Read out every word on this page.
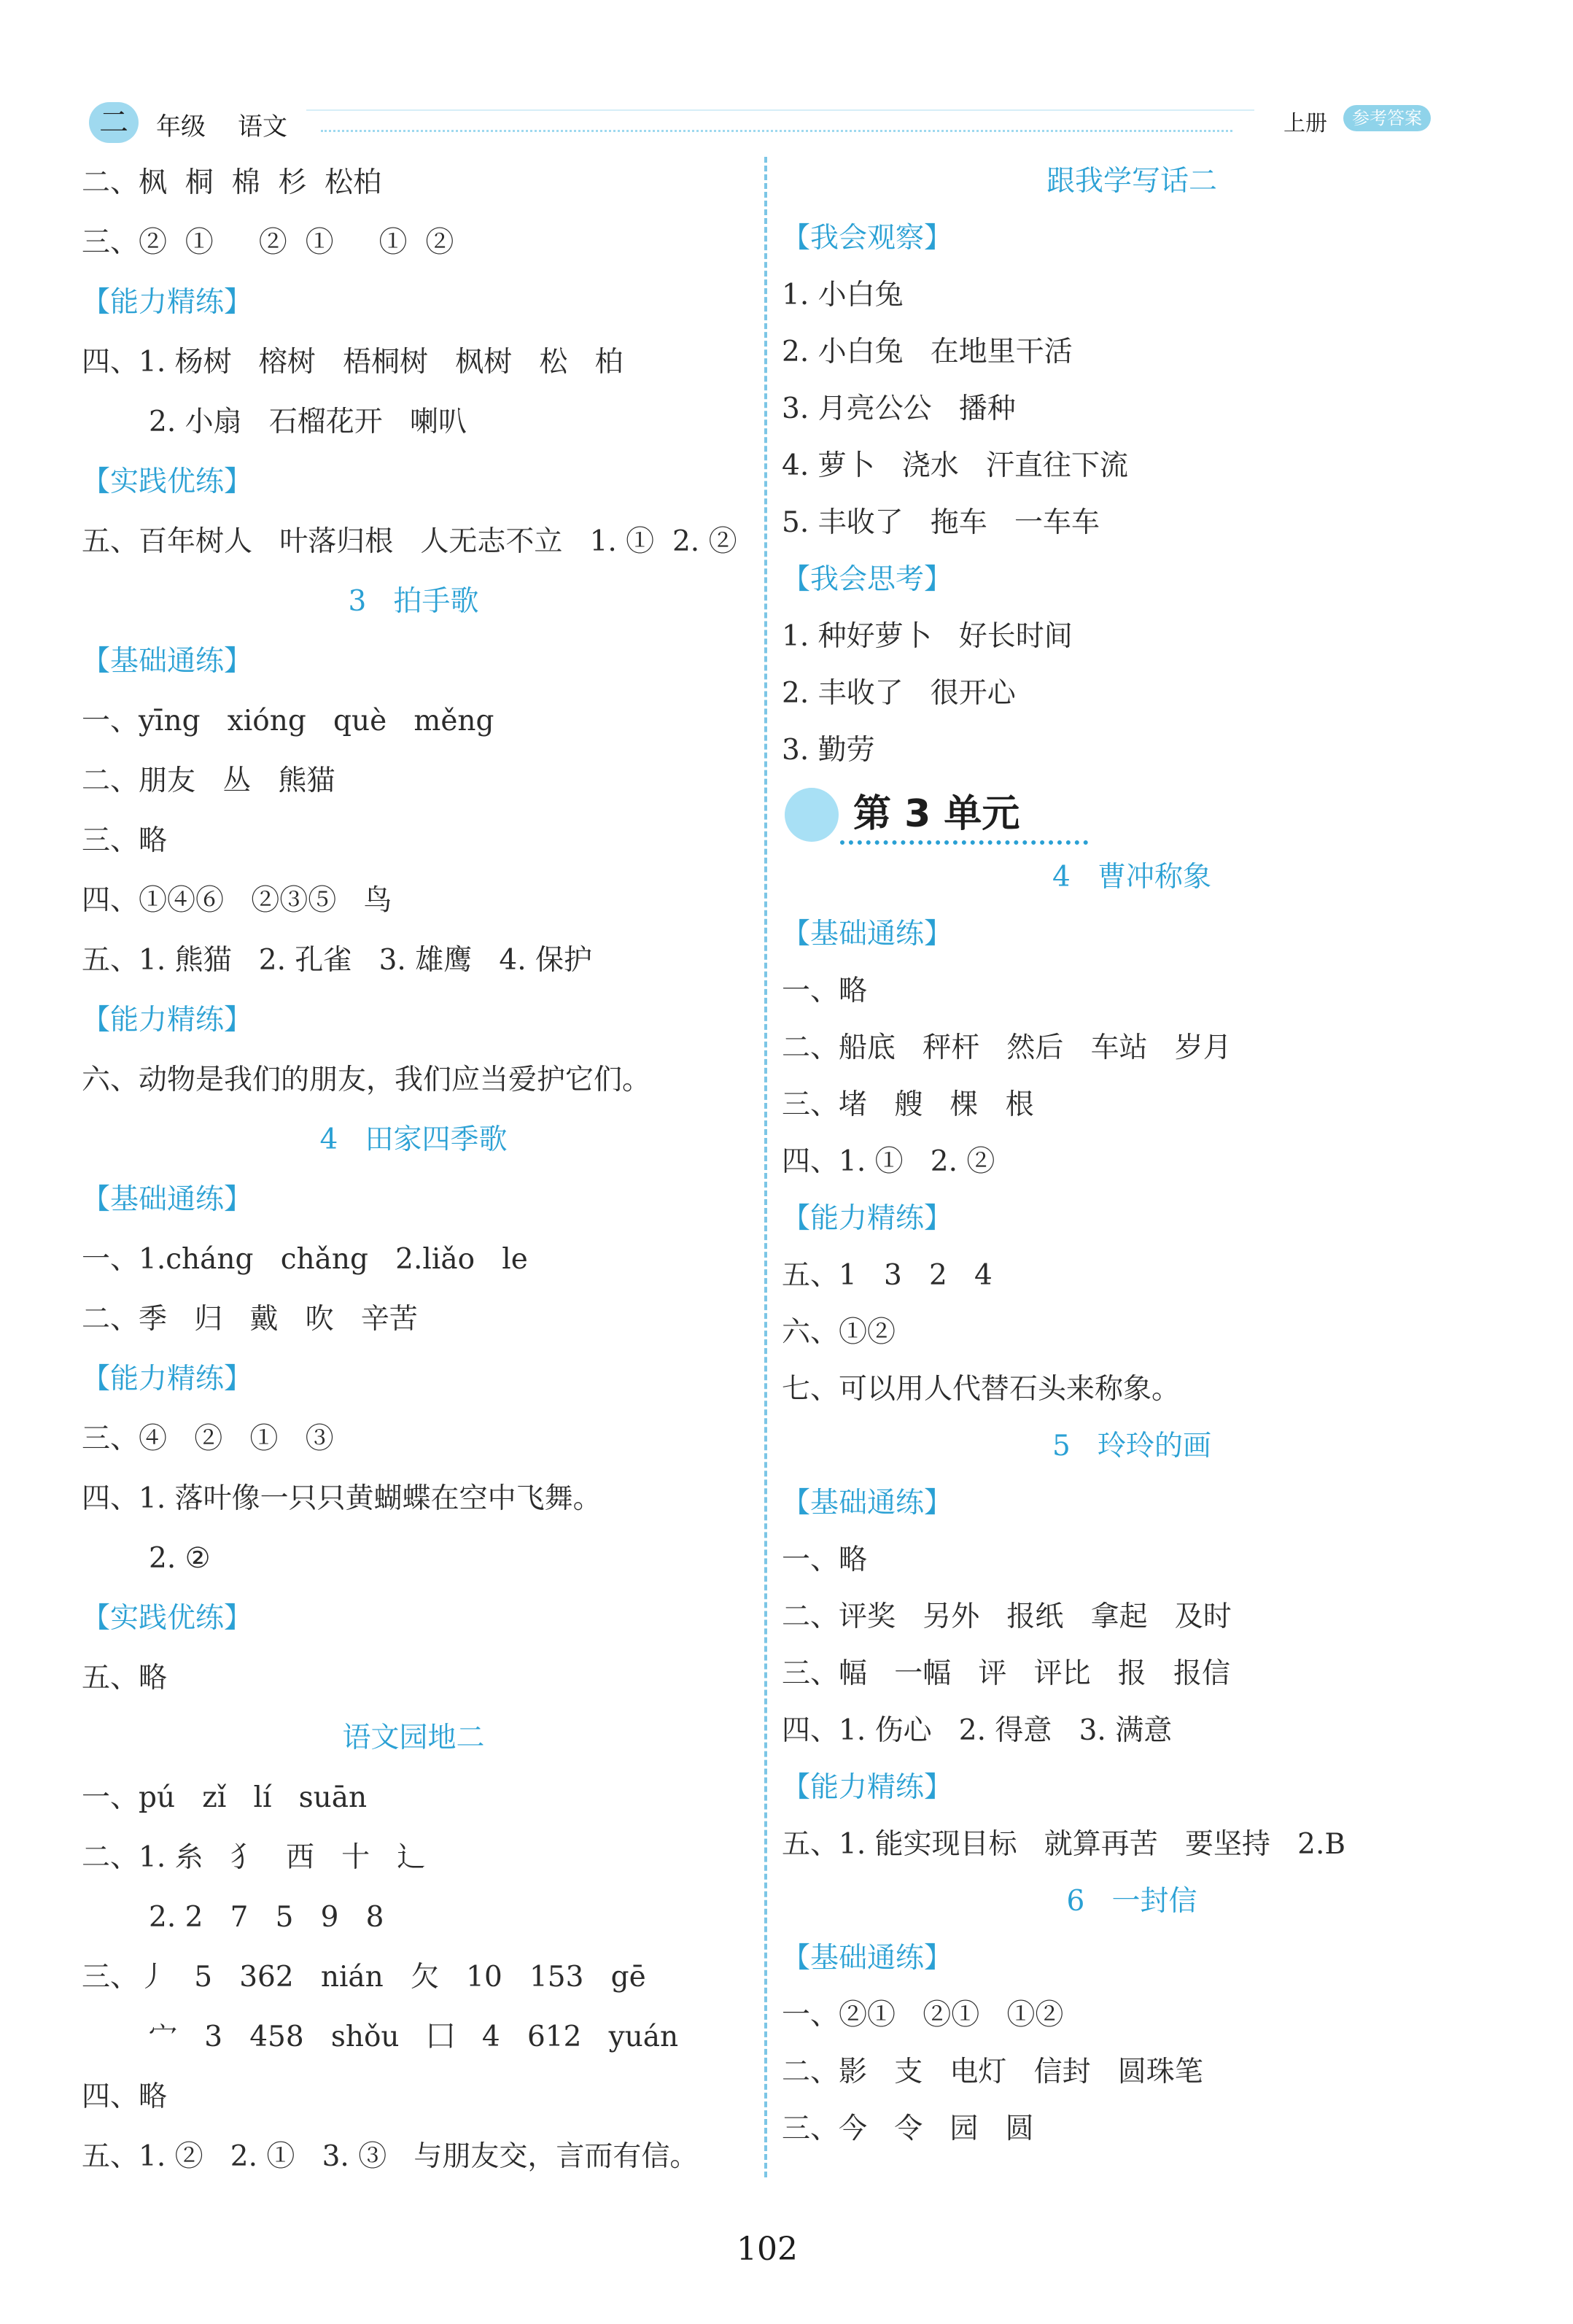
二	年级 语文	上册	参考答案
二、枫  桐  棉  杉  松柏
三、②  ①     ②  ①     ①  ②
【能力精练】
四、1. 杨树   榕树   梧桐树   枫树   松   柏
2. 小扇   石榴花开   喇叭
【实践优练】
五、百年树人   叶落归根   人无志不立   1. ①  2. ②
3   拍手歌
【基础通练】
一、yīng   xióng   què   měng
二、朋友   丛   熊猫
三、略
四、①④⑥   ②③⑤   鸟
五、1. 熊猫   2. 孔雀   3. 雄鹰   4. 保护
【能力精练】
六、动物是我们的朋友，我们应当爱护它们。
4   田家四季歌
【基础通练】
一、1.cháng   chǎng   2.liǎo   le
二、季   归   戴   吹   辛苦
【能力精练】
三、④   ②   ①   ③
四、1. 落叶像一只只黄蝴蝶在空中飞舞。
2. ②
【实践优练】
五、略
语文园地二
一、pú   zǐ   lí   suān
二、1. 糸   犭   西   十   辶
2. 2   7   5   9   8
三、丿   5   362   nián   欠   10   153   gē
宀   3   458   shǒu   囗   4   612   yuán
四、略
五、1. ②   2. ①   3. ③   与朋友交，言而有信。
跟我学写话二
【我会观察】
1. 小白兔
2. 小白兔   在地里干活
3. 月亮公公   播种
4. 萝卜   浇水   汗直往下流
5. 丰收了   拖车   一车车
【我会思考】
1. 种好萝卜   好长时间
2. 丰收了   很开心
3. 勤劳
第 3 单元
4   曹冲称象
【基础通练】
一、略
二、船底   秤杆   然后   车站   岁月
三、堵   艘   棵   根
四、1. ①   2. ②
【能力精练】
五、1   3   2   4
六、①②
七、可以用人代替石头来称象。
5   玲玲的画
【基础通练】
一、略
二、评奖   另外   报纸   拿起   及时
三、幅   一幅   评   评比   报   报信
四、1. 伤心   2. 得意   3. 满意
【能力精练】
五、1. 能实现目标   就算再苦   要坚持   2.B
6   一封信
【基础通练】
一、②①   ②①   ①②
二、影   支   电灯   信封   圆珠笔
三、今   令   园   圆
102
